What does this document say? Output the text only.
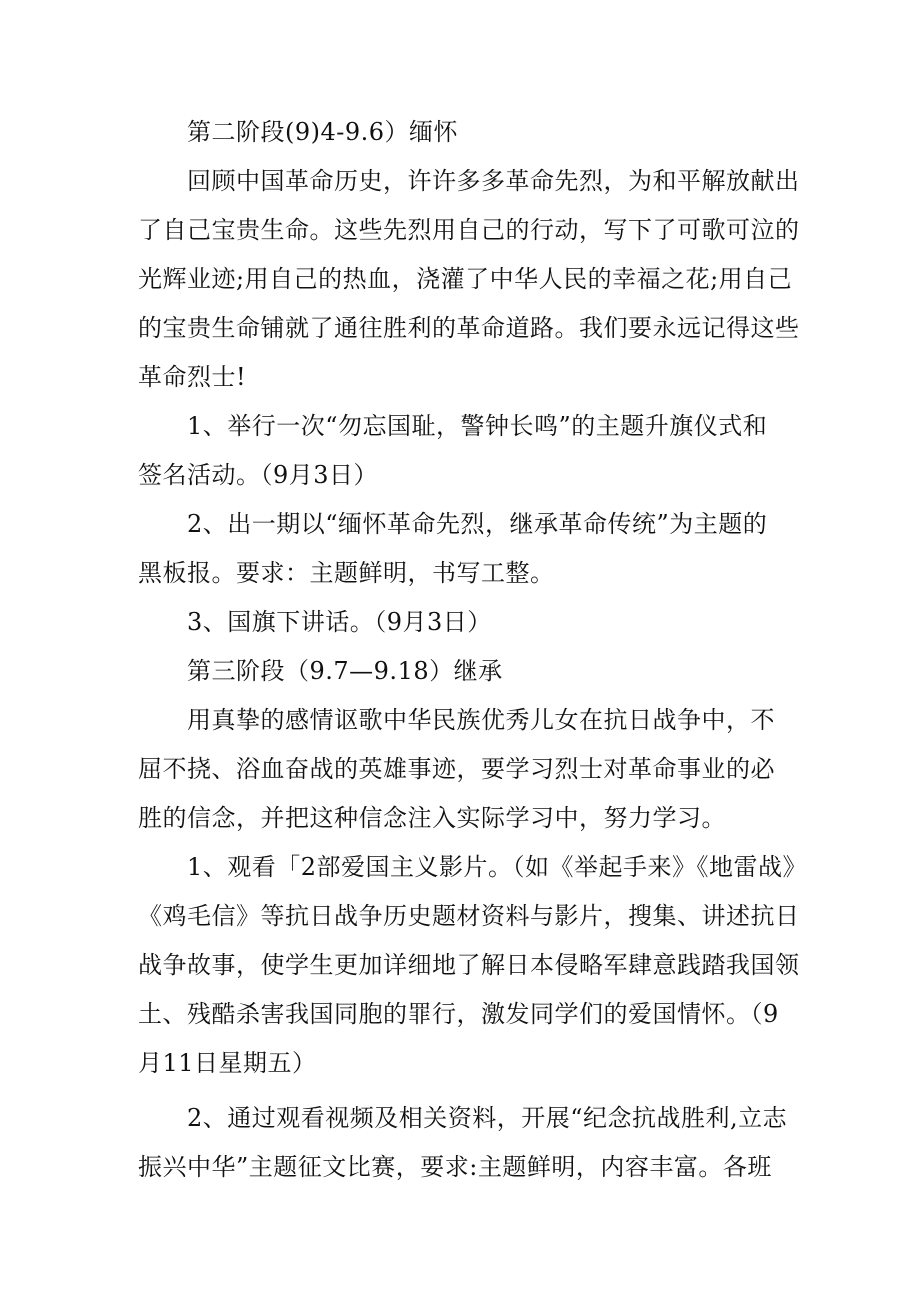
第二阶段(9)4-9.6）缅怀
回顾中国革命历史，许许多多革命先烈，为和平解放献出
了自己宝贵生命。这些先烈用自己的行动，写下了可歌可泣的
光辉业迹;用自己的热血，浇灌了中华人民的幸福之花;用自己
的宝贵生命铺就了通往胜利的革命道路。我们要永远记得这些
革命烈士!
1、举行一次“勿忘国耻，警钟长鸣”的主题升旗仪式和
签名活动。（9月3日）
2、出一期以“缅怀革命先烈，继承革命传统”为主题的
黑板报。要求：主题鲜明，书写工整。
3、国旗下讲话。（9月3日）
第三阶段（9.7—9.18）继承
用真挚的感情讴歌中华民族优秀儿女在抗日战争中，不
屈不挠、浴血奋战的英雄事迹，要学习烈士对革命事业的必
胜的信念，并把这种信念注入实际学习中，努力学习。
1、观看「2部爱国主义影片。（如《举起手来》《地雷战》
《鸡毛信》等抗日战争历史题材资料与影片，搜集、讲述抗日
战争故事，使学生更加详细地了解日本侵略军肆意践踏我国领
土、残酷杀害我国同胞的罪行，激发同学们的爱国情怀。（9
月11日星期五）
2、通过观看视频及相关资料，开展“纪念抗战胜利,立志
振兴中华”主题征文比赛，要求:主题鲜明，内容丰富。各班
